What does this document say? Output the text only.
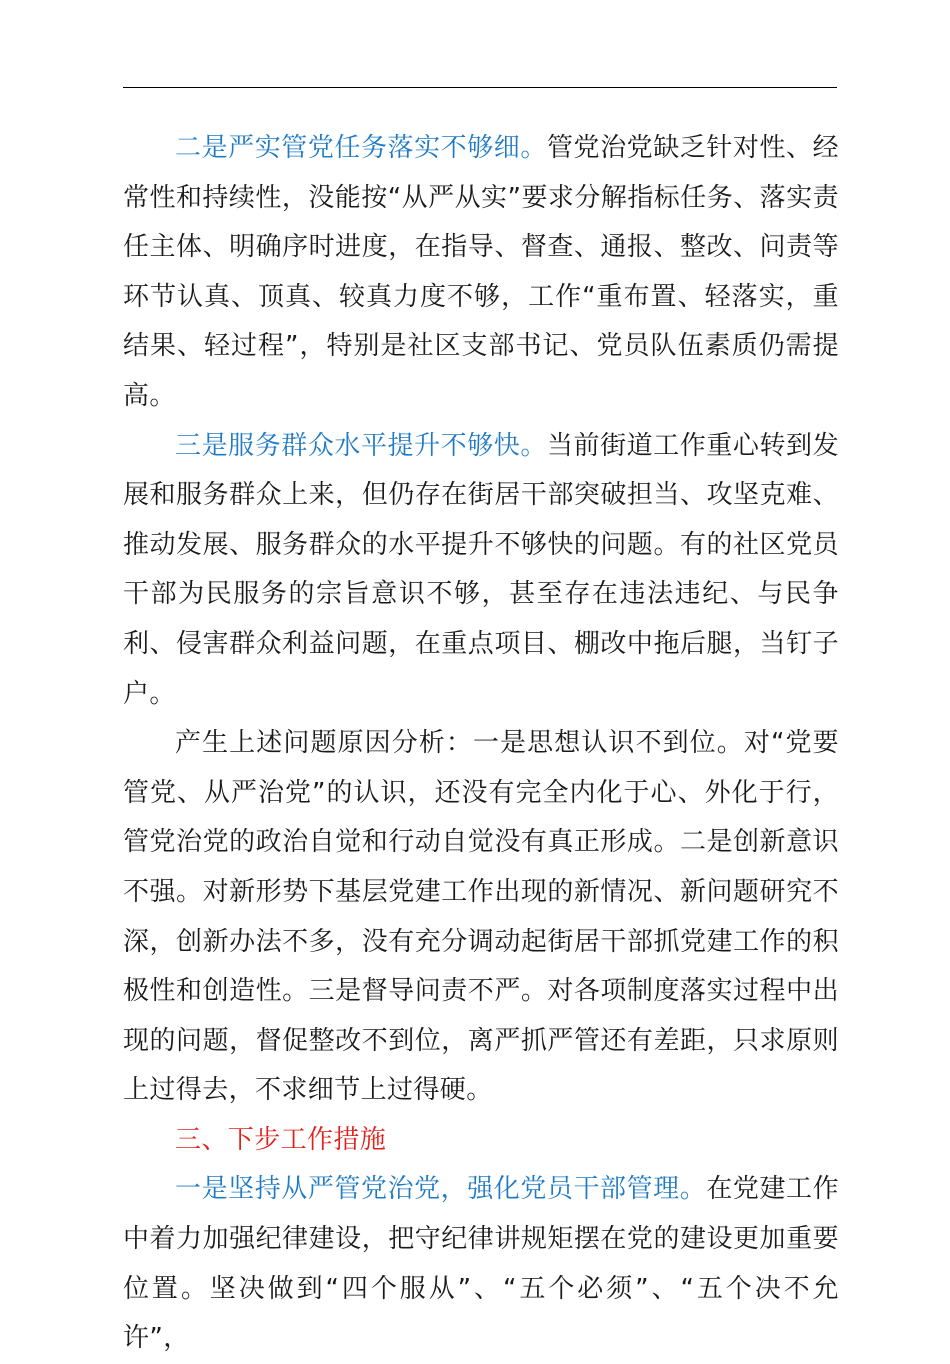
二是严实管党任务落实不够细。管党治党缺乏针对性、经常性和持续性，没能按“从严从实”要求分解指标任务、落实责任主体、明确序时进度，在指导、督查、通报、整改、问责等环节认真、顶真、较真力度不够，工作“重布置、轻落实，重结果、轻过程”，特别是社区支部书记、党员队伍素质仍需提高。

三是服务群众水平提升不够快。当前街道工作重心转到发展和服务群众上来，但仍存在街居干部突破担当、攻坚克难、推动发展、服务群众的水平提升不够快的问题。有的社区党员干部为民服务的宗旨意识不够，甚至存在违法违纪、与民争利、侵害群众利益问题，在重点项目、棚改中拖后腿，当钉子户。

产生上述问题原因分析：一是思想认识不到位。对“党要管党、从严治党”的认识，还没有完全内化于心、外化于行，管党治党的政治自觉和行动自觉没有真正形成。二是创新意识不强。对新形势下基层党建工作出现的新情况、新问题研究不深，创新办法不多，没有充分调动起街居干部抓党建工作的积极性和创造性。三是督导问责不严。对各项制度落实过程中出现的问题，督促整改不到位，离严抓严管还有差距，只求原则上过得去，不求细节上过得硬。

三、下步工作措施

一是坚持从严管党治党，强化党员干部管理。在党建工作中着力加强纪律建设，把守纪律讲规矩摆在党的建设更加重要位置。坚决做到“四个服从”、“五个必须”、“五个决不允许”，
